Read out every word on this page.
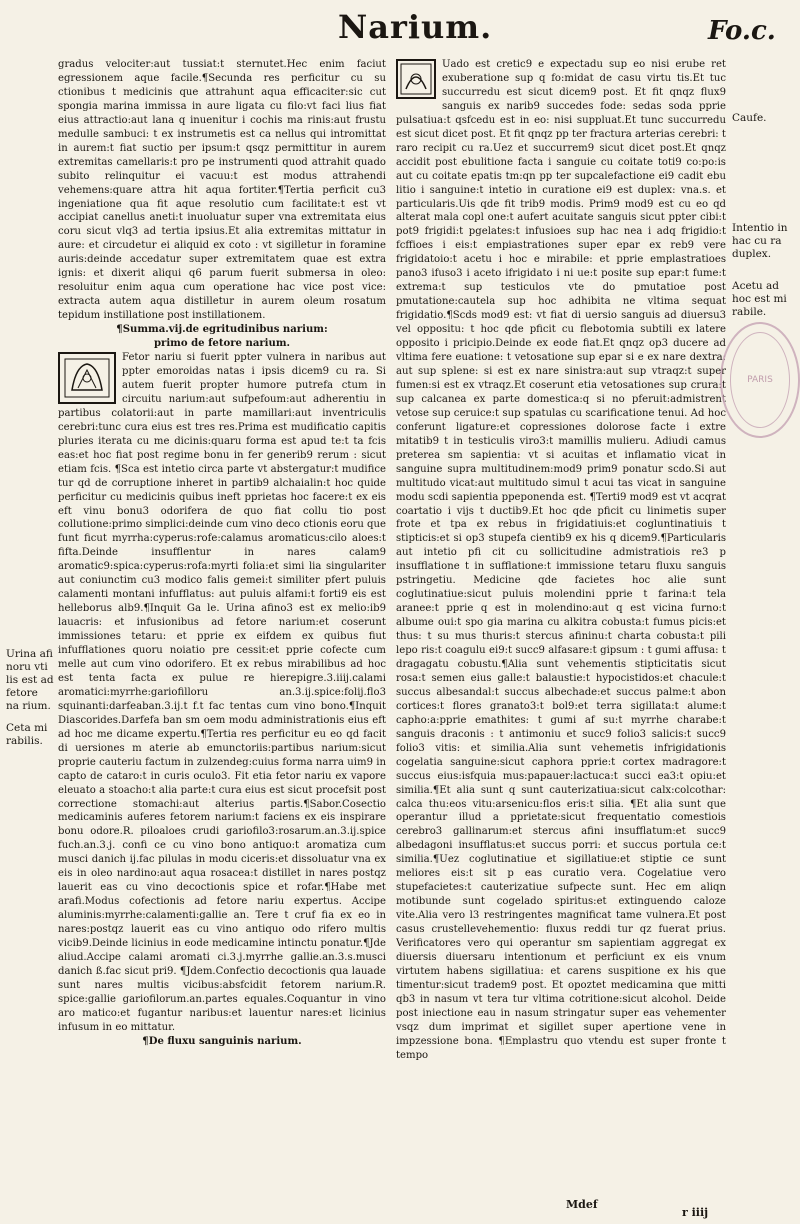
Narium.	Fo.c.

gradus velociter:aut tussiat:t sternutet.Hec enim faciut egressionem aque facile.¶Secunda res perficitur cu su ctionibus t medicinis que attrahunt aqua efficaciter:sic cut spongia marina immissa in aure ligata cu filo:vt faci lius fiat eius attractio:aut lana q inuenitur i cochis ma rinis:aut frustu medulle sambuci: t ex instrumetis est ca nellus qui intromittat in aurem:t fiat suctio per ipsum:t qsqz permittitur in aurem extremitas camellaris:t pro pe instrumenti quod attrahit quado subito relinquitur ei vacuu:t est modus attrahendi vehemens:quare attra hit aqua fortiter.¶Tertia perficit cu3 ingeniatione qua fit aque resolutio cum facilitate:t est vt accipiat canellus aneti:t inuoluatur super vna extremitata eius coru sicut vlq3 ad tertia ipsius.Et alia extremitas mittatur in aure: et circudetur ei aliquid ex coto : vt sigilletur in foramine auris:deinde accedatur super extremitatem quae est extra ignis: et dixerit aliqui q6 parum fuerit submersa in oleo: resoluitur enim aqua cum operatione hac vice post vice: extracta autem aqua distilletur in aurem oleum rosatum tepidum instillatione post instillationem.

¶Summa.vij.de egritudinibus narium:

primo de fetore narium.

Fetor nariu si fuerit ppter vulnera in naribus aut ppter emoroidas natas i ipsis dicem9 cu ra. Si autem fuerit propter humore putrefa ctum in circuitu narium:aut sufpefoum:aut adherentiu in partibus colatorii:aut in parte mamillari:aut inventriculis cerebri:tunc cura eius est tres res.Prima est mudificatio capitis pluries iterata cu me dicinis:quaru forma est apud te:t ta fcis eas:et hoc fiat post regime bonu in fer generib9 rerum : sicut etiam fcis. ¶Sca est intetio circa parte vt abstergatur:t mudifice tur qd de corruptione inheret in partib9 alchaialin:t hoc quide perficitur cu medicinis quibus ineft pprietas hoc facere:t ex eis eft vinu bonu3 odorifera de quo fiat collu tio post collutione:primo simplici:deinde cum vino deco ctionis eoru que funt ficut myrrha:cyperus:rofe:calamus aromaticus:cilo aloes:t fifta.Deinde insufflentur in nares calam9 aromatic9:spica:cyperus:rofa:myrti folia:et simi lia singulariter aut coniunctim cu3 modico falis gemei:t similiter pfert puluis calamenti montani infufflatus: aut puluis alfami:t forti9 eis est helleborus alb9.¶Inquit Ga le. Urina afino3 est ex melio:ib9 lauacris: et infusionibus ad fetore narium:et coserunt immissiones tetaru: et pprie ex eifdem ex quibus fiut infufflationes quoru noiatio pre cessit:et pprie cofecte cum melle aut cum vino odorifero. Et ex rebus mirabilibus ad hoc est tenta facta ex pulue re hierepigre.3.iiij.calami aromatici:myrrhe:gariofilloru an.3.ij.spice:folij.flo3 squinanti:darfeaban.3.ij.t f.t fac tentas cum vino bono.¶Inquit Diascorides.Darfefa ban sm oem modu administrationis eius eft ad hoc me dicame expertu.¶Tertia res perficitur eu eo qd facit di uersiones m aterie ab emunctoriis:partibus narium:sicut proprie cauteriu factum in zulzendeg:cuius forma narra uim9 in capto de cataro:t in curis oculo3. Fit etia fetor nariu ex vapore eleuato a stoacho:t alia parte:t cura eius est sicut procefsit post correctione stomachi:aut alterius partis.¶Sabor.Cosectio medicaminis auferes fetorem narium:t faciens ex eis inspirare bonu odore.R. piloaloes crudi gariofilo3:rosarum.an.3.ij.spice fuch.an.3.j. confi ce cu vino bono antiquo:t aromatiza cum musci danich ij.fac pilulas in modu ciceris:et dissoluatur vna ex eis in oleo nardino:aut aqua rosacea:t distillet in nares postqz lauerit eas cu vino decoctionis spice et rofar.¶Habe met arafi.Modus cofectionis ad fetore nariu expertus. Accipe aluminis:myrrhe:calamenti:gallie an. Tere t cruf fia ex eo in nares:postqz lauerit eas cu vino antiquo odo rifero multis vicib9.Deinde licinius in eode medicamine intinctu ponatur.¶Jde aliud.Accipe calami aromati ci.3.j.myrrhe gallie.an.3.s.musci danich ß.fac sicut pri9. ¶Jdem.Confectio decoctionis qua lauade sunt nares multis vicibus:absfcidit fetorem narium.R. spice:gallie gariofilorum.an.partes equales.Coquantur in vino aro matico:et fugantur naribus:et lauentur nares:et licinius infusum in eo mittatur.

¶De fluxu sanguinis narium.

Uado est cretic9 e expectadu sup eo nisi erube ret exuberatione sup q fo:midat de casu virtu tis.Et tuc succurredu est sicut dicem9 post. Et fit qnqz flux9 sanguis ex narib9 succedes fode: sedas soda pprie pulsatiua:t qsfcedu est in eo: nisi suppluat.Et tunc succurredu est sicut dicet post. Et fit qnqz pp ter fractura arterias cerebri: t raro recipit cu ra.Uez et succurrem9 sicut dicet post.Et qnqz accidit post ebulitione facta i sanguie cu coitate toti9 co:po:is aut cu coitate epatis tm:qn pp ter supcalefactione ei9 cadit ebu litio i sanguine:t intetio in curatione ei9 est duplex: vna.s. et particularis.Uis qde fit trib9 modis. Prim9 mod9 est cu eo qd alterat mala copl one:t aufert acuitate sanguis sicut ppter cibi:t pot9 frigidi:t pgelates:t infusioes sup hac nea i adq frigidio:t fcffioes i eis:t empiastrationes super epar ex reb9 vere frigidatoio:t acetu i hoc e mirabile: et pprie emplastratioes pano3 ifuso3 i aceto ifrigidato i ni ue:t posite sup epar:t fume:t extrema:t sup testiculos vte do pmutatioe post pmutatione:cautela sup hoc adhibita ne vltima sequat frigidatio.¶Scds mod9 est: vt fiat di uersio sanguis ad diuersu3 vel oppositu: t hoc qde pficit cu flebotomia subtili ex latere opposito i pricipio.Deinde ex eode fiat.Et qnqz op3 ducere ad vltima fere euatione: t vetosatione sup epar si e ex nare dextra: aut sup splene: si est ex nare sinistra:aut sup vtraqz:t super fumen:si est ex vtraqz.Et coserunt etia vetosationes sup crura:t sup calcanea ex parte domestica:q si no pferuit:admistrent vetose sup ceruice:t sup spatulas cu scarificatione tenui. Ad hoc conferunt ligature:et copressiones dolorose facte i extre mitatib9 t in testiculis viro3:t mamillis mulieru. Adiudi camus preterea sm sapientia: vt si acuitas et inflamatio vicat in sanguine supra multitudinem:mod9 prim9 ponatur scdo.Si aut multitudo vicat:aut multitudo simul t acui tas vicat in sanguine modu scdi sapientia ppeponenda est. ¶Terti9 mod9 est vt acqrat coartatio i vijs t ductib9.Et hoc qde pficit cu linimetis super frote et tpa ex rebus in frigidatiuis:et cogluntinatiuis t stipticis:et si op3 stupefa cientib9 ex his q dicem9.¶Particularis aut intetio pfi cit cu sollicitudine admistratiois re3 p insufflatione t in sufflatione:t immissione tetaru fluxu sanguis pstringetiu. Medicine qde facietes hoc alie sunt coglutinatiue:sicut puluis molendini pprie t farina:t tela aranee:t pprie q est in molendino:aut q est vicina furno:t albume oui:t spo gia marina cu alkitra cobusta:t fumus picis:et thus: t su mus thuris:t stercus afininu:t charta cobusta:t pili lepo ris:t coagulu ei9:t succ9 alfasare:t gipsum : t gumi affusa: t dragagatu cobustu.¶Alia sunt vehementis stipticitatis sicut rosa:t semen eius galle:t balaustie:t hypocistidos:et chacule:t succus albesandal:t succus albechade:et succus palme:t abon cortices:t flores granato3:t bol9:et terra sigillata:t alume:t capho:a:pprie emathites: t gumi af su:t myrrhe charabe:t sanguis draconis : t antimoniu et succ9 folio3 salicis:t succ9 folio3 vitis: et similia.Alia sunt vehemetis infrigidationis cogelatia sanguine:sicut caphora pprie:t cortex madragore:t succus eius:isfquia mus:papauer:lactuca:t succi ea3:t opiu:et similia.¶Et alia sunt q sunt cauterizatiua:sicut calx:colcothar: calca thu:eos vitu:arsenicu:flos eris:t silia. ¶Et alia sunt que operantur illud a pprietate:sicut frequentatio comestiois cerebro3 gallinarum:et stercus afini insufflatum:et succ9 albedagoni insufflatus:et succus porri: et succus portula ce:t similia.¶Uez coglutinatiue et sigillatiue:et stiptie ce sunt meliores eis:t sit p eas curatio vera. Cogelatiue vero stupefacietes:t cauterizatiue sufpecte sunt. Hec em aliqn motibunde sunt cogelado spiritus:et extinguendo caloze vite.Alia vero l3 restringentes magnificat tame vulnera.Et post casus crustellevehementio: fluxus reddi tur qz fuerat prius. Verificatores vero qui operantur sm sapientiam aggregat ex diuersis diuersaru intentionum et perficiunt ex eis vnum virtutem habens sigillatiua: et carens suspitione ex his que timentur:sicut tradem9 post. Et opoztet medicamina que mitti qb3 in nasum vt tera tur vltima cotritione:sicut alcohol. Deide post iniectione eau in nasum stringatur super eas vehementer vsqz dum imprimat et sigillet super apertione vene in impzessione bona. ¶Emplastru quo vtendu est super fronte t tempo

Urina afi noru vti lis est ad fetore na rium.
Ceta mi rabilis.
Caufe.
Intentio in hac cu ra duplex.
Acetu ad hoc est mi rabile.
PARIS
Mdef
r iiij
